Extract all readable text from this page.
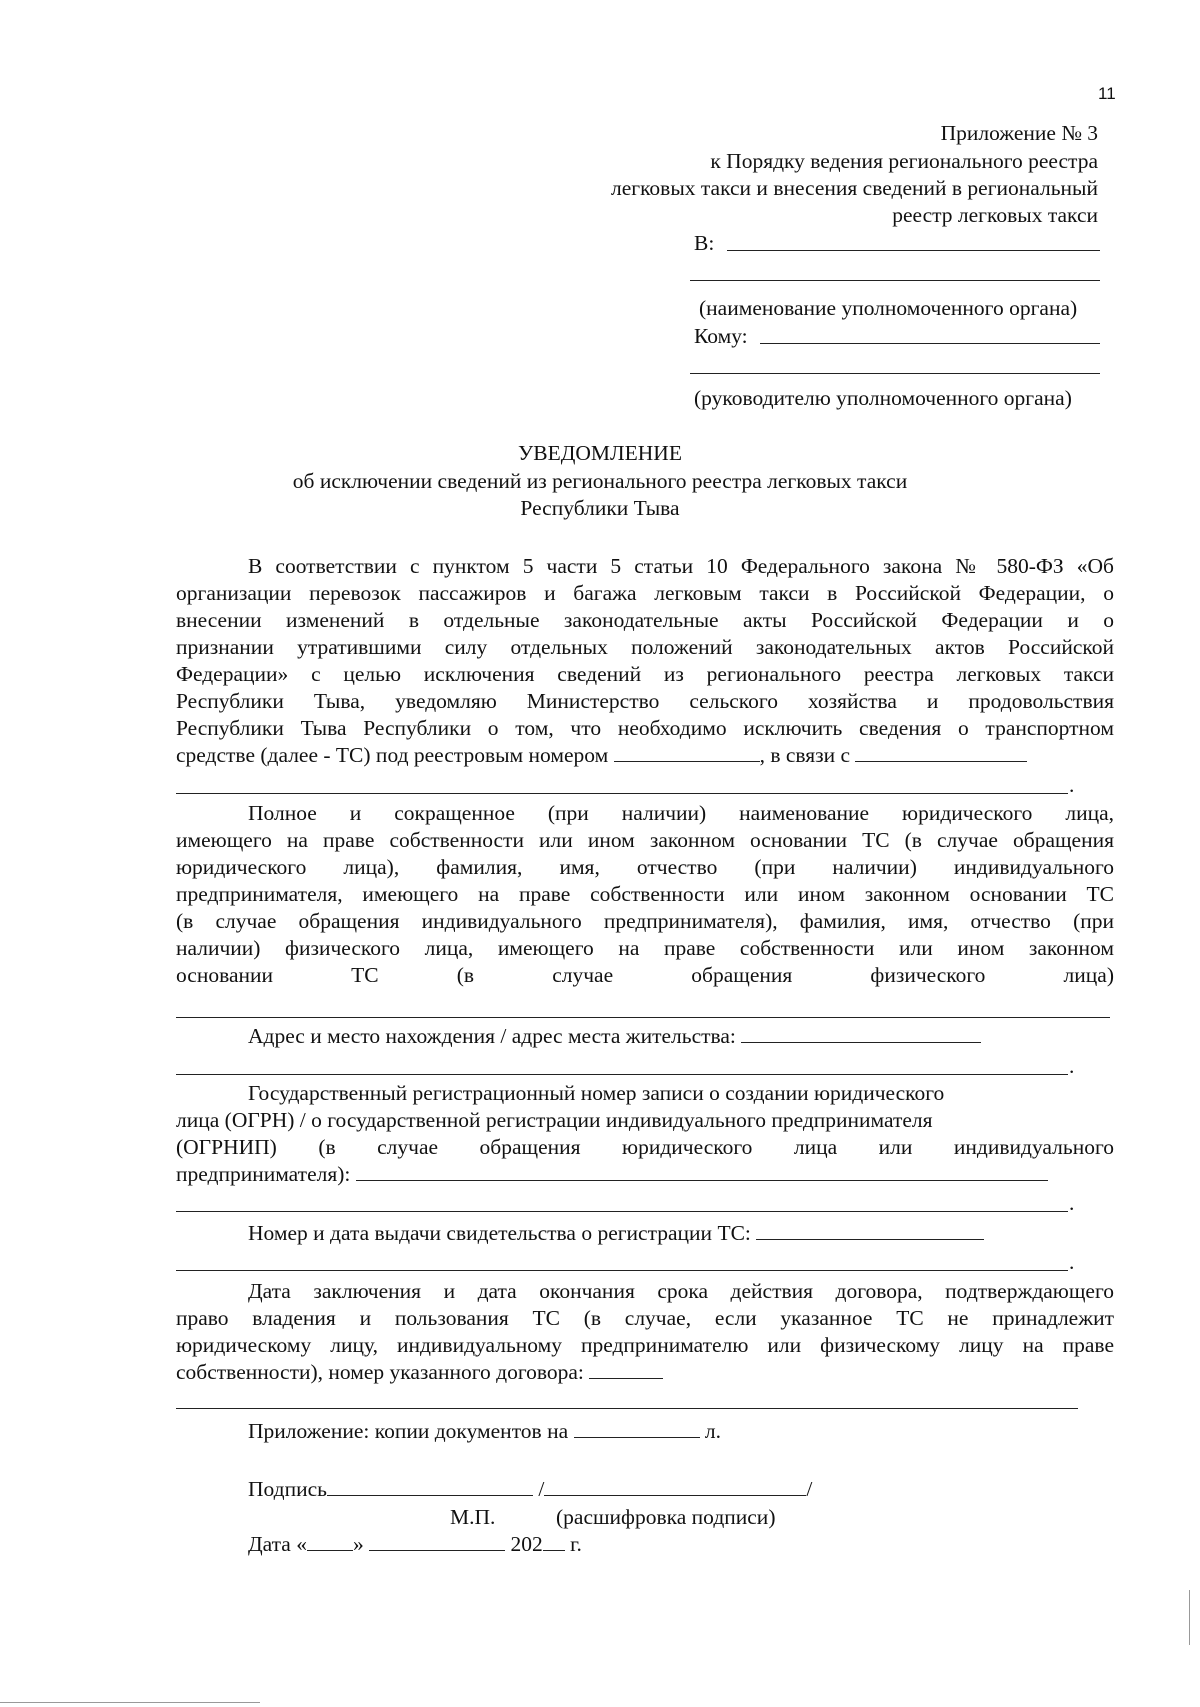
11
Приложение № 3
к Порядку ведения регионального реестра
легковых такси и внесения сведений в региональный
реестр легковых такси
В:
(наименование уполномоченного органа)
Кому:
(руководителю уполномоченного органа)
УВЕДОМЛЕНИЕ
об исключении сведений из регионального реестра легковых такси
Республики Тыва
В соответствии с пунктом 5 части 5 статьи 10 Федерального закона № 580-ФЗ «Об
организации перевозок пассажиров и багажа легковым такси в Российской Федерации, о
внесении изменений в отдельные законодательные акты Российской Федерации и о
признании утратившими силу отдельных положений законодательных актов Российской
Федерации» с целью исключения сведений из регионального реестра легковых такси
Республики Тыва, уведомляю Министерство сельского хозяйства и продовольствия
Республики Тыва Республики о том, что необходимо исключить сведения о транспортном
средстве (далее - ТС) под реестровым номером	, в связи с
.
Полное и сокращенное (при наличии) наименование юридического лица,
имеющего на праве собственности или ином законном основании ТС (в случае обращения
юридического лица), фамилия, имя, отчество (при наличии) индивидуального
предпринимателя, имеющего на праве собственности или ином законном основании ТС
(в случае обращения индивидуального предпринимателя), фамилия, имя, отчество (при
наличии) физического лица, имеющего на праве собственности или ином законном
основании ТС (в случае обращения физического лица)
Адрес и место нахождения / адрес места жительства:
.
Государственный регистрационный номер записи о создании юридического
лица (ОГРН) / о государственной регистрации индивидуального предпринимателя
(ОГРНИП) (в случае обращения юридического лица или индивидуального
предпринимателя):
.
Номер и дата выдачи свидетельства о регистрации ТС:
.
Дата заключения и дата окончания срока действия договора, подтверждающего
право владения и пользования ТС (в случае, если указанное ТС не принадлежит
юридическому лицу, индивидуальному предпринимателю или физическому лицу на праве
собственности), номер указанного договора:
Приложение: копии документов на	л.
Подпись	/	/
М.П.	(расшифровка подписи)
Дата « »	202 г.
